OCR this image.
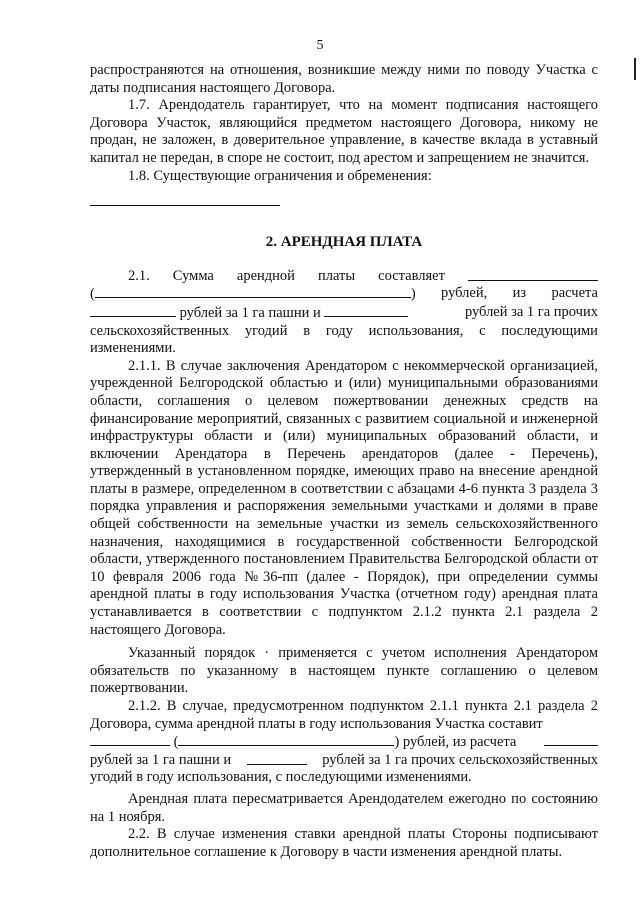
5

распространяются на отношения, возникшие между ними по поводу Участка с даты подписания настоящего Договора.

1.7. Арендодатель гарантирует, что на момент подписания настоящего Договора Участок, являющийся предметом настоящего Договора, никому не продан, не заложен, в доверительное управление, в качестве вклада в уставный капитал не передан, в споре не состоит, под арестом и запрещением не значится.

1.8. Существующие ограничения и обременения:

2. АРЕНДНАЯ ПЛАТА

2.1. Сумма арендной платы составляет
(	) рублей, из расчета
рублей за 1 га пашни и	рублей за 1 га прочих
сельскохозяйственных угодий в году использования, с последующими

изменениями.

2.1.1. В случае заключения Арендатором с некоммерческой организацией, учрежденной Белгородской областью и (или) муниципальными образованиями области, соглашения о целевом пожертвовании денежных средств на финансирование мероприятий, связанных с развитием социальной и инженерной инфраструктуры области и (или) муниципальных образований области, и включении Арендатора в Перечень арендаторов (далее - Перечень), утвержденный в установленном порядке, имеющих право на внесение арендной платы в размере, определенном в соответствии с абзацами 4-6 пункта 3 раздела 3 порядка управления и распоряжения земельными участками и долями в праве общей собственности на земельные участки из земель сельскохозяйственного назначения, находящимися в государственной собственности Белгородской области, утвержденного постановлением Правительства Белгородской области от 10 февраля 2006 года №36-пп (далее - Порядок), при определении суммы арендной платы в году использования Участка (отчетном году) арендная плата устанавливается в соответствии с подпунктом 2.1.2 пункта 2.1 раздела 2 настоящего Договора.

Указанный порядок · применяется с учетом исполнения Арендатором обязательств по указанному в настоящем пункте соглашению о целевом пожертвовании.

2.1.2. В случае, предусмотренном подпунктом 2.1.1 пункта 2.1 раздела 2 Договора, сумма арендной платы в году использования Участка составит

(	) рублей, из расчета
рублей за 1 га пашни и	рублей за 1 га прочих сельскохозяйственных

угодий в году использования, с последующими изменениями.

Арендная плата пересматривается Арендодателем ежегодно по состоянию на 1 ноября.

2.2. В случае изменения ставки арендной платы Стороны подписывают дополнительное соглашение к Договору в части изменения арендной платы.
